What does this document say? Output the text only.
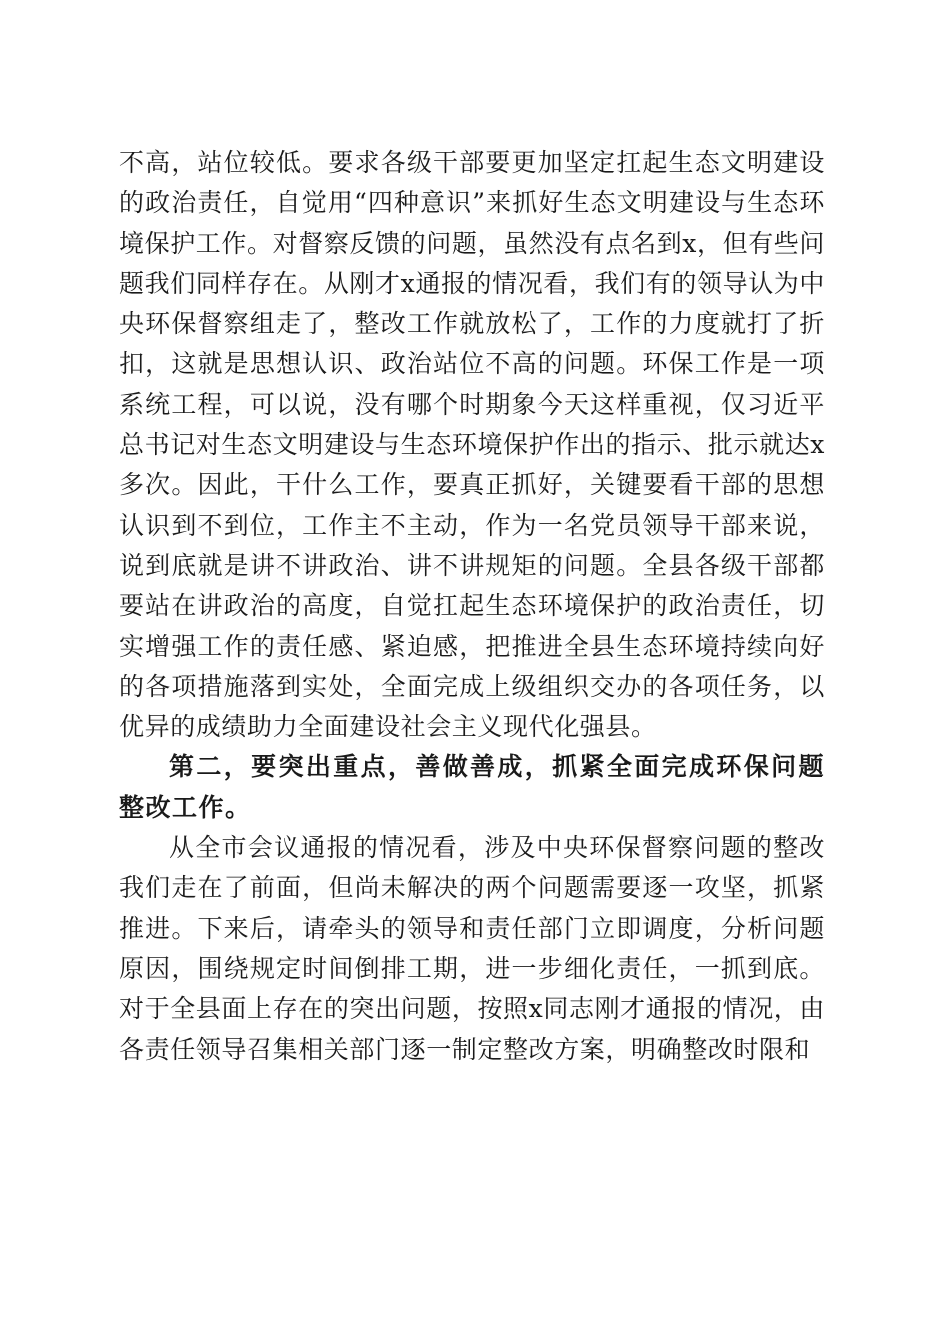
不高，站位较低。要求各级干部要更加坚定扛起生态文明建设的政治责任，自觉用“四种意识”来抓好生态文明建设与生态环境保护工作。对督察反馈的问题，虽然没有点名到x，但有些问题我们同样存在。从刚才x通报的情况看，我们有的领导认为中央环保督察组走了，整改工作就放松了，工作的力度就打了折扣，这就是思想认识、政治站位不高的问题。环保工作是一项系统工程，可以说，没有哪个时期象今天这样重视，仅习近平总书记对生态文明建设与生态环境保护作出的指示、批示就达x多次。因此，干什么工作，要真正抓好，关键要看干部的思想认识到不到位，工作主不主动，作为一名党员领导干部来说，说到底就是讲不讲政治、讲不讲规矩的问题。全县各级干部都要站在讲政治的高度，自觉扛起生态环境保护的政治责任，切实增强工作的责任感、紧迫感，把推进全县生态环境持续向好的各项措施落到实处，全面完成上级组织交办的各项任务，以优异的成绩助力全面建设社会主义现代化强县。

第二，要突出重点，善做善成，抓紧全面完成环保问题整改工作。

从全市会议通报的情况看，涉及中央环保督察问题的整改我们走在了前面，但尚未解决的两个问题需要逐一攻坚，抓紧推进。下来后，请牵头的领导和责任部门立即调度，分析问题原因，围绕规定时间倒排工期，进一步细化责任，一抓到底。对于全县面上存在的突出问题，按照x同志刚才通报的情况，由各责任领导召集相关部门逐一制定整改方案，明确整改时限和
